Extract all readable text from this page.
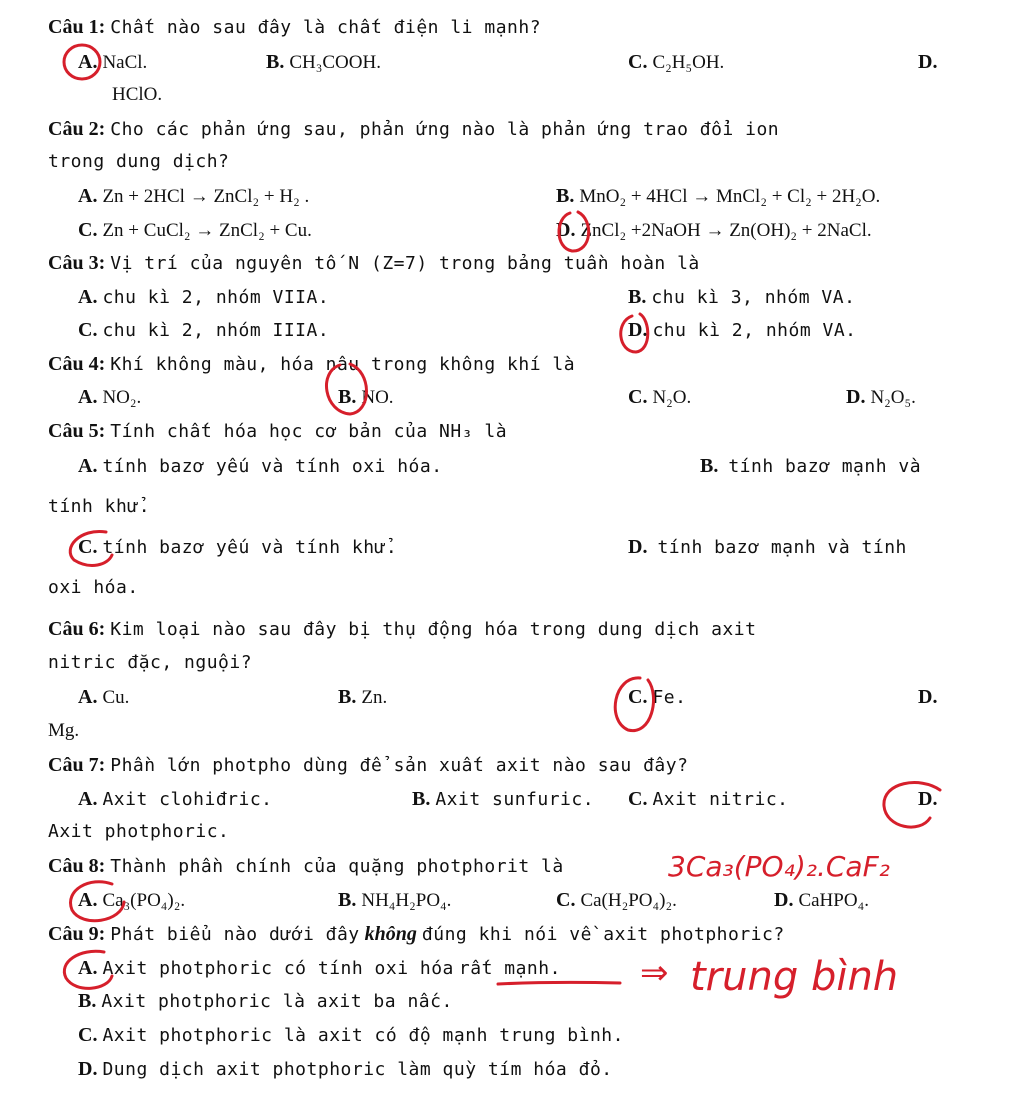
Câu 1: Chất nào sau đây là chất điện li mạnh?
A. NaCl.	B. CH₃COOH.	C. C₂H₅OH.	D.
HClO.
Câu 2: Cho các phản ứng sau, phản ứng nào là phản ứng trao đổi ion
trong dung dịch?
A. Zn + 2HCl → ZnCl₂ + H₂ .	B. MnO₂ + 4HCl → MnCl₂ + Cl₂ + 2H₂O.
C. Zn + CuCl₂ → ZnCl₂ + Cu.	D. ZnCl₂ +2NaOH → Zn(OH)₂ + 2NaCl.
Câu 3: Vị trí của nguyên tố N (Z=7) trong bảng tuần hoàn là
A. chu kì 2, nhóm VIIA.	B. chu kì 3, nhóm VA.
C. chu kì 2, nhóm IIIA.	D. chu kì 2, nhóm VA.
Câu 4: Khí không màu, hóa nâu trong không khí là
A. NO₂.	B. NO.	C. N₂O.	D. N₂O₅.
Câu 5: Tính chất hóa học cơ bản của NH₃ là
A. tính bazơ yếu và tính oxi hóa.	B. tính bazơ mạnh và
tính khử.
C. tính bazơ yếu và tính khử.	D. tính bazơ mạnh và tính
oxi hóa.
Câu 6: Kim loại nào sau đây bị thụ động hóa trong dung dịch axit
nitric đặc, nguội?
A. Cu.	B. Zn.	C. Fe.	D.
Mg.
Câu 7: Phần lớn photpho dùng để sản xuất axit nào sau đây?
A. Axit clohiđric.	B. Axit sunfuric. C. Axit nitric.	D.
Axit photphoric.
Câu 8: Thành phần chính của quặng photphorit là
A. Ca₃(PO₄)₂.	B. NH₄H₂PO₄.	C. Ca(H₂PO₄)₂.	D. CaHPO₄.
Câu 9: Phát biểu nào dưới đây không đúng khi nói về axit photphoric?
A. Axit photphoric có tính oxi hóa rất mạnh.
B. Axit photphoric là axit ba nấc.
C. Axit photphoric là axit có độ mạnh trung bình.
D. Dung dịch axit photphoric làm quỳ tím hóa đỏ.
3Ca₃(PO₄)₂.CaF₂
⇒ trung bình
